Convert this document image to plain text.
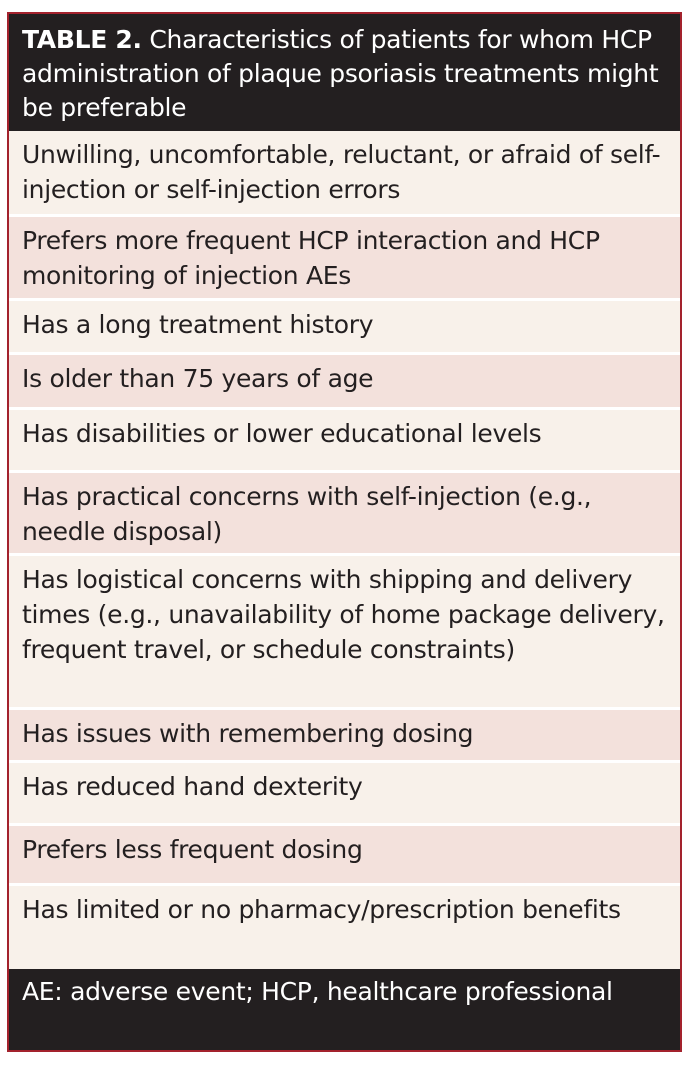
TABLE 2. Characteristics of patients for whom HCP administration of plaque psoriasis treatments might be preferable
Unwilling, uncomfortable, reluctant, or afraid of self-injection or self-injection errors
Prefers more frequent HCP interaction and HCP monitoring of injection AEs
Has a long treatment history
Is older than 75 years of age
Has disabilities or lower educational levels
Has practical concerns with self-injection (e.g., needle disposal)
Has logistical concerns with shipping and delivery times (e.g., unavailability of home package delivery, frequent travel, or schedule constraints)
Has issues with remembering dosing
Has reduced hand dexterity
Prefers less frequent dosing
Has limited or no pharmacy/prescription benefits
AE: adverse event; HCP, healthcare professional
